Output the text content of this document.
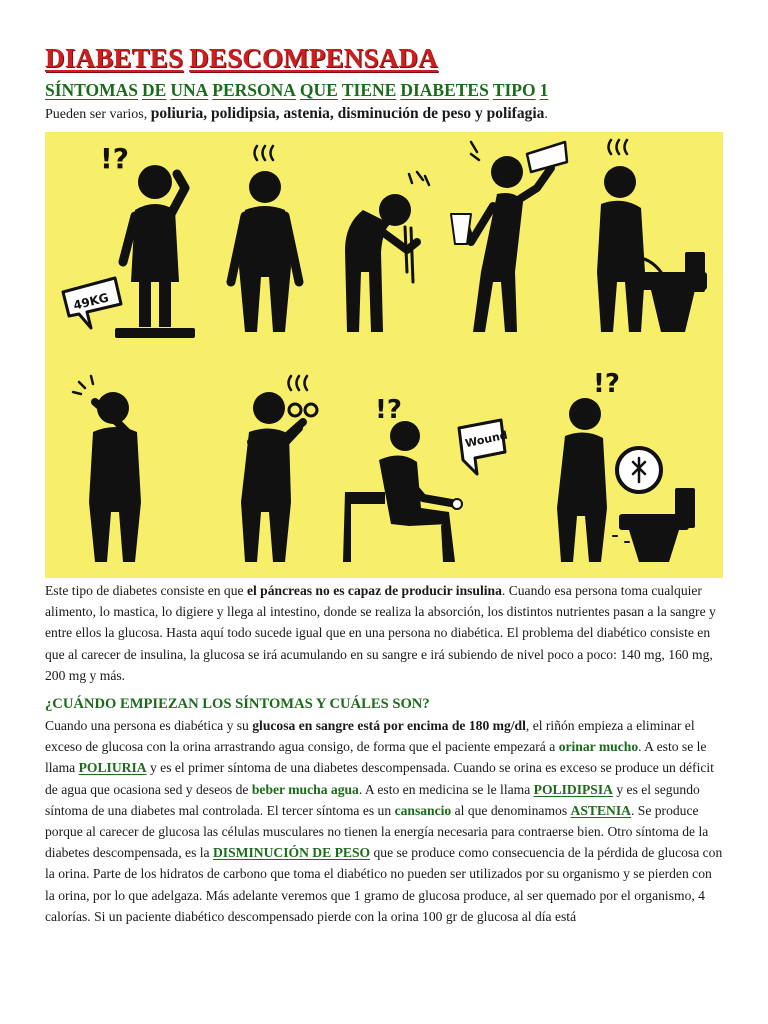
DIABETES DESCOMPENSADA
SÍNTOMAS DE UNA PERSONA QUE TIENE DIABETES TIPO 1
Pueden ser varios, poliuria, polidipsia, astenia, disminución de peso y polifagia.
!?
49KG
!?
Wound
!?

Este tipo de diabetes consiste en que el páncreas no es capaz de producir insulina. Cuando esa persona toma cualquier alimento, lo mastica, lo digiere y llega al intestino, donde se realiza la absorción, los distintos nutrientes pasan a la sangre y entre ellos la glucosa. Hasta aquí todo sucede igual que en una persona no diabética. El problema del diabético consiste en que al carecer de insulina, la glucosa se irá acumulando en su sangre e irá subiendo de nivel poco a poco: 140 mg, 160 mg, 200 mg y más.

¿CUÁNDO EMPIEZAN LOS SÍNTOMAS Y CUÁLES SON?

Cuando una persona es diabética y su glucosa en sangre está por encima de 180 mg/dl, el riñón empieza a eliminar el exceso de glucosa con la orina arrastrando agua consigo, de forma que el paciente empezará a orinar mucho. A esto se le llama POLIURIA y es el primer síntoma de una diabetes descompensada. Cuando se orina es exceso se produce un déficit de agua que ocasiona sed y deseos de beber mucha agua. A esto en medicina se le llama POLIDIPSIA y es el segundo síntoma de una diabetes mal controlada. El tercer síntoma es un cansancio al que denominamos ASTENIA. Se produce porque al carecer de glucosa las células musculares no tienen la energía necesaria para contraerse bien. Otro síntoma de la diabetes descompensada, es la DISMINUCIÓN DE PESO que se produce como consecuencia de la pérdida de glucosa con la orina. Parte de los hidratos de carbono que toma el diabético no pueden ser utilizados por su organismo y se pierden con la orina, por lo que adelgaza. Más adelante veremos que 1 gramo de glucosa produce, al ser quemado por el organismo, 4 calorías. Si un paciente diabético descompensado pierde con la orina 100 gr de glucosa al día está
